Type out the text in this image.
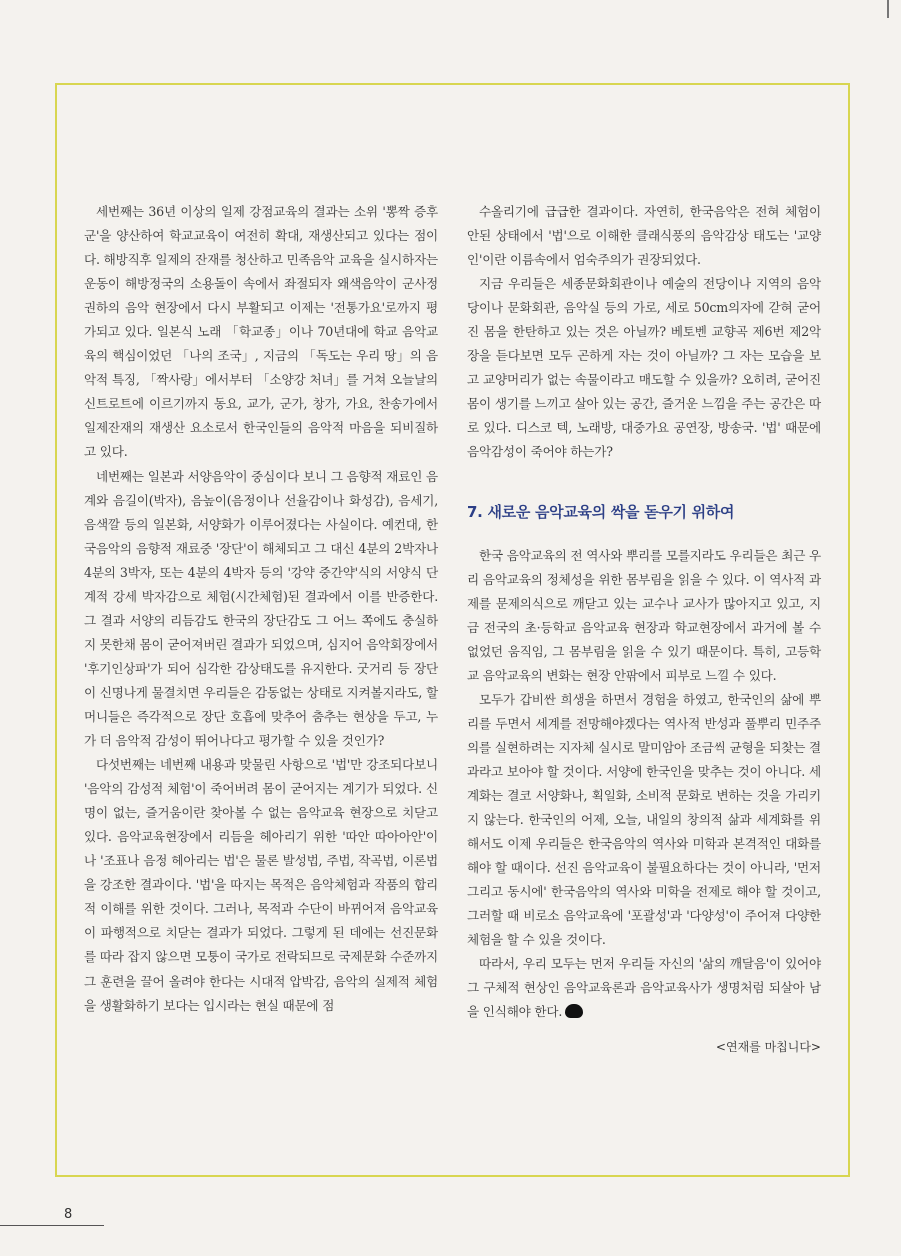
세번째는 36년 이상의 일제 강점교육의 결과는 소위 '뽕짝 증후군'을 양산하여 학교교육이 여전히 확대, 재생산되고 있다는 점이다. 해방직후 일제의 잔재를 청산하고 민족음악 교육을 실시하자는 운동이 해방정국의 소용돌이 속에서 좌절되자 왜색음악이 군사정권하의 음악 현장에서 다시 부활되고 이제는 '전통가요'로까지 평가되고 있다. 일본식 노래 「학교종」이나 70년대에 학교 음악교육의 핵심이었던 「나의 조국」, 지금의 「독도는 우리 땅」의 음악적 특징, 「짝사랑」에서부터 「소양강 처녀」를 거쳐 오늘날의 신트로트에 이르기까지 동요, 교가, 군가, 창가, 가요, 찬송가에서 일제잔재의 재생산 요소로서 한국인들의 음악적 마음을 되비질하고 있다.

네번째는 일본과 서양음악이 중심이다 보니 그 음향적 재료인 음계와 음길이(박자), 음높이(음정이나 선율감이나 화성감), 음세기, 음색깔 등의 일본화, 서양화가 이루어졌다는 사실이다. 예컨대, 한국음악의 음향적 재료중 '장단'이 해체되고 그 대신 4분의 2박자나 4분의 3박자, 또는 4분의 4박자 등의 '강약 중간약'식의 서양식 단계적 강세 박자감으로 체험(시간체험)된 결과에서 이를 반증한다. 그 결과 서양의 리듬감도 한국의 장단감도 그 어느 쪽에도 충실하지 못한채 몸이 굳어져버린 결과가 되었으며, 심지어 음악회장에서 '후기인상파'가 되어 심각한 감상태도를 유지한다. 굿거리 등 장단이 신명나게 물결치면 우리들은 감동없는 상태로 지켜볼지라도, 할머니들은 즉각적으로 장단 호흡에 맞추어 춤추는 현상을 두고, 누가 더 음악적 감성이 뛰어나다고 평가할 수 있을 것인가?

다섯번째는 네번째 내용과 맞물린 사항으로 '법'만 강조되다보니 '음악의 감성적 체험'이 죽어버려 몸이 굳어지는 계기가 되었다. 신명이 없는, 즐거움이란 찾아볼 수 없는 음악교육 현장으로 치닫고 있다. 음악교육현장에서 리듬을 헤아리기 위한 '따안 따아아안'이나 '조표나 음정 헤아리는 법'은 물론 발성법, 주법, 작곡법, 이론법을 강조한 결과이다. '법'을 따지는 목적은 음악체험과 작품의 합리적 이해를 위한 것이다. 그러나, 목적과 수단이 바뀌어져 음악교육이 파행적으로 치닫는 결과가 되었다. 그렇게 된 데에는 선진문화를 따라 잡지 않으면 모퉁이 국가로 전락되므로 국제문화 수준까지 그 훈련을 끌어 올려야 한다는 시대적 압박감, 음악의 실제적 체험을 생활화하기 보다는 입시라는 현실 때문에 점

수올리기에 급급한 결과이다. 자연히, 한국음악은 전혀 체험이 안된 상태에서 '법'으로 이해한 클래식풍의 음악감상 태도는 '교양인'이란 이름속에서 엄숙주의가 권장되었다.

지금 우리들은 세종문화회관이나 예술의 전당이나 지역의 음악당이나 문화회관, 음악실 등의 가로, 세로 50cm의자에 갇혀 굳어진 몸을 한탄하고 있는 것은 아닐까? 베토벤 교향곡 제6번 제2악장을 듣다보면 모두 곤하게 자는 것이 아닐까? 그 자는 모습을 보고 교양머리가 없는 속물이라고 매도할 수 있을까? 오히려, 굳어진 몸이 생기를 느끼고 살아 있는 공간, 즐거운 느낌을 주는 공간은 따로 있다. 디스코 텍, 노래방, 대중가요 공연장, 방송국. '법' 때문에 음악감성이 죽어야 하는가?

7. 새로운 음악교육의 싹을 돋우기 위하여

한국 음악교육의 전 역사와 뿌리를 모를지라도 우리들은 최근 우리 음악교육의 정체성을 위한 몸부림을 읽을 수 있다. 이 역사적 과제를 문제의식으로 깨닫고 있는 교수나 교사가 많아지고 있고, 지금 전국의 초·등학교 음악교육 현장과 학교현장에서 과거에 볼 수 없었던 움직임, 그 몸부림을 읽을 수 있기 때문이다. 특히, 고등학교 음악교육의 변화는 현장 안팎에서 피부로 느낄 수 있다.

모두가 갑비싼 희생을 하면서 경험을 하였고, 한국인의 삶에 뿌리를 두면서 세계를 전망해야겠다는 역사적 반성과 풀뿌리 민주주의를 실현하려는 지자체 실시로 말미암아 조금씩 균형을 되찾는 결과라고 보아야 할 것이다. 서양에 한국인을 맞추는 것이 아니다. 세계화는 결코 서양화나, 획일화, 소비적 문화로 변하는 것을 가리키지 않는다. 한국인의 어제, 오늘, 내일의 창의적 삶과 세계화를 위해서도 이제 우리들은 한국음악의 역사와 미학과 본격적인 대화를 해야 할 때이다. 선진 음악교육이 불필요하다는 것이 아니라, '먼저 그리고 동시에' 한국음악의 역사와 미학을 전제로 해야 할 것이고, 그러할 때 비로소 음악교육에 '포괄성'과 '다양성'이 주어져 다양한 체험을 할 수 있을 것이다.

따라서, 우리 모두는 먼저 우리들 자신의 '삶의 깨달음'이 있어야 그 구체적 현상인 음악교육론과 음악교육사가 생명처럼 되살아 남을 인식해야 한다.

<연재를 마칩니다>
8
